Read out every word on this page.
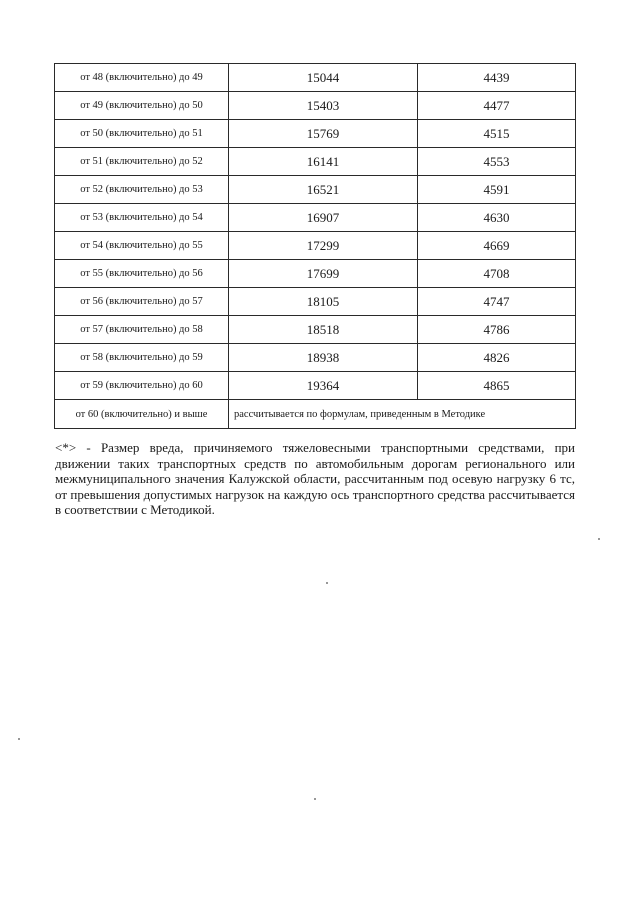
от 48 (включительно) до 49	15044	4439
от 49 (включительно) до 50	15403	4477
от 50 (включительно) до 51	15769	4515
от 51 (включительно) до 52	16141	4553
от 52 (включительно) до 53	16521	4591
от 53 (включительно) до 54	16907	4630
от 54 (включительно) до 55	17299	4669
от 55 (включительно) до 56	17699	4708
от 56 (включительно) до 57	18105	4747
от 57 (включительно) до 58	18518	4786
от 58 (включительно) до 59	18938	4826
от 59 (включительно) до 60	19364	4865
от 60 (включительно) и выше	рассчитывается по формулам, приведенным в Методике	
<*> - Размер вреда, причиняемого тяжеловесными транспортными средствами, при движении таких транспортных средств по автомобильным дорогам регионального или межмуниципального значения Калужской области, рассчитанным под осевую нагрузку 6 тс, от превышения допустимых нагрузок на каждую ось транспортного средства рассчитывается в соответствии с Методикой.
